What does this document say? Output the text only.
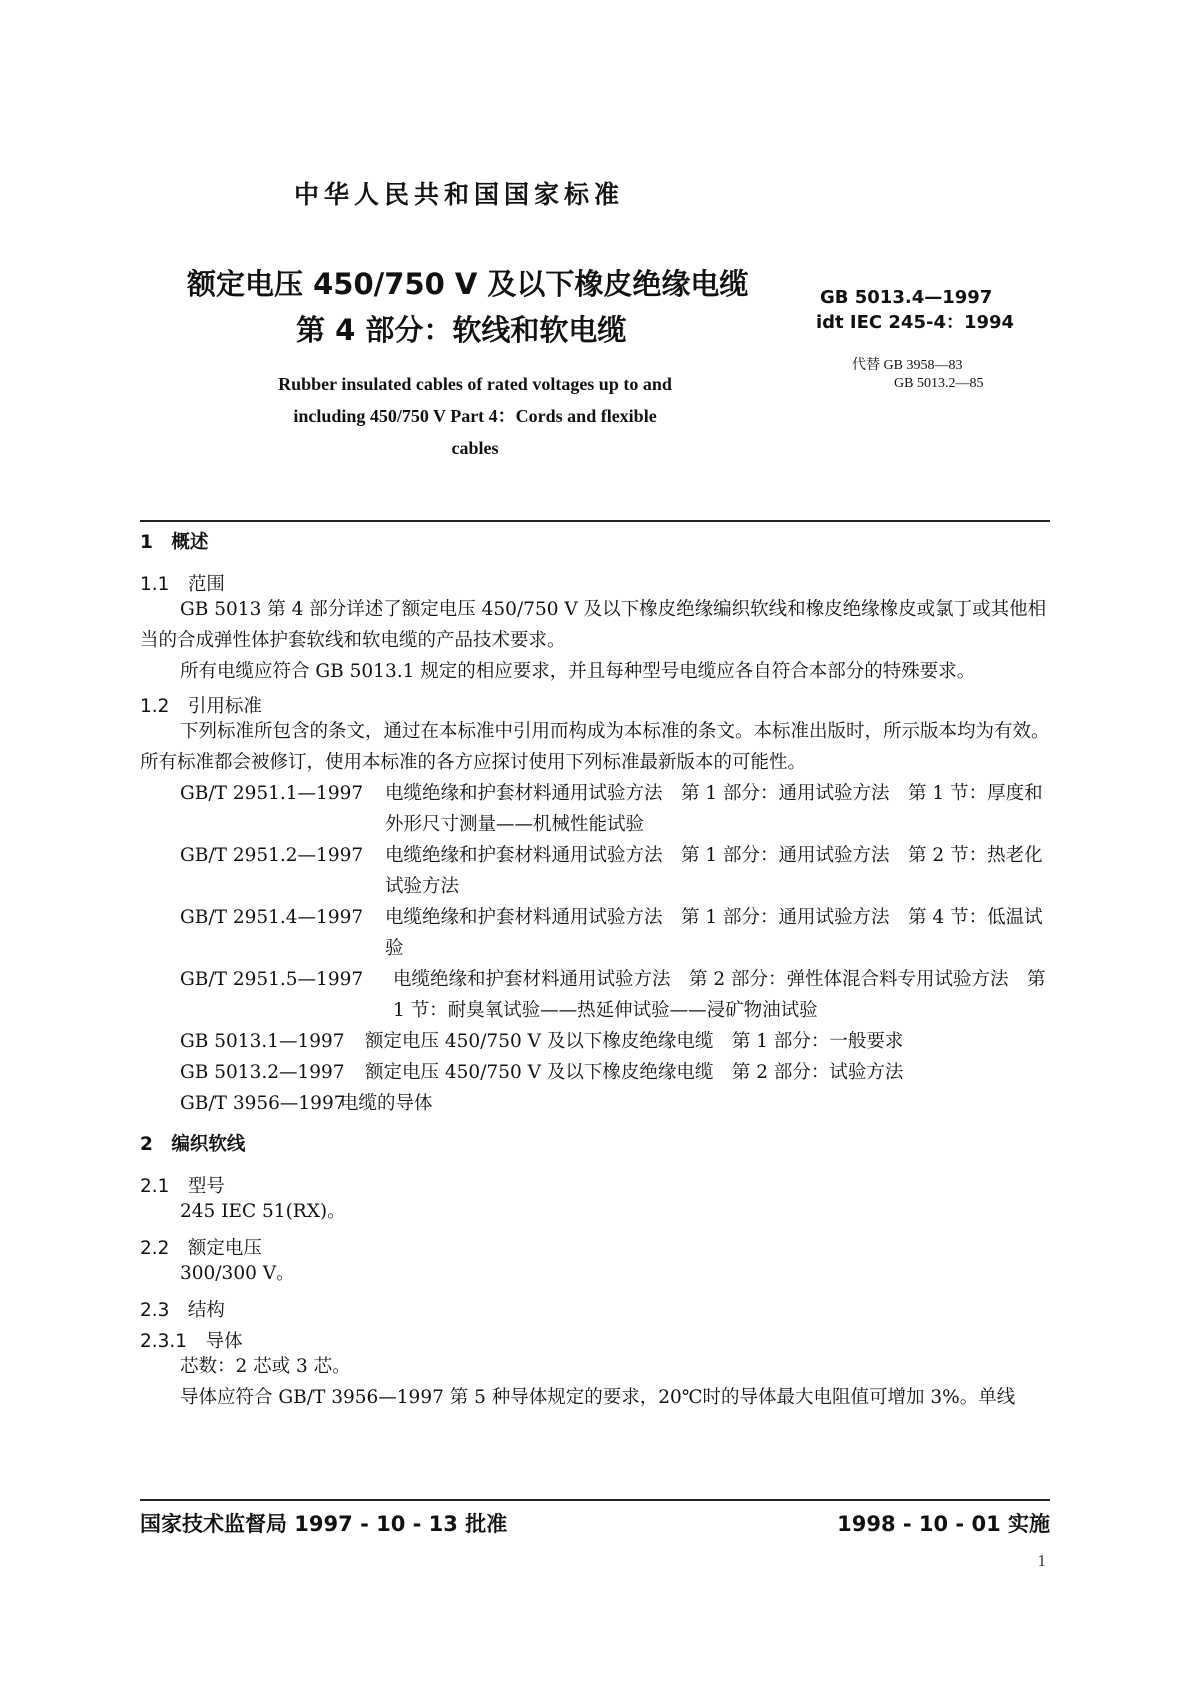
中华人民共和国国家标准
额定电压 450/750 V 及以下橡皮绝缘电缆
第 4 部分：软线和软电缆
Rubber insulated cables of rated voltages up to and including 450/750 V Part 4：Cords and flexible cables
GB 5013.4—1997
idt IEC 245-4：1994
代替 GB 3958—83
GB 5013.2—85
1　概述
1.1　范围
GB 5013 第 4 部分详述了额定电压 450/750 V 及以下橡皮绝缘编织软线和橡皮绝缘橡皮或氯丁或其他相当的合成弹性体护套软线和软电缆的产品技术要求。
所有电缆应符合 GB 5013.1 规定的相应要求，并且每种型号电缆应各自符合本部分的特殊要求。
1.2　引用标准
下列标准所包含的条文，通过在本标准中引用而构成为本标准的条文。本标准出版时，所示版本均为有效。所有标准都会被修订，使用本标准的各方应探讨使用下列标准最新版本的可能性。
GB/T 2951.1—1997 电缆绝缘和护套材料通用试验方法　第 1 部分：通用试验方法　第 1 节：厚度和外形尺寸测量——机械性能试验
GB/T 2951.2—1997 电缆绝缘和护套材料通用试验方法　第 1 部分：通用试验方法　第 2 节：热老化试验方法
GB/T 2951.4—1997 电缆绝缘和护套材料通用试验方法　第 1 部分：通用试验方法　第 4 节：低温试验
GB/T 2951.5—1997 电缆绝缘和护套材料通用试验方法　第 2 部分：弹性体混合料专用试验方法　第 1 节：耐臭氧试验——热延伸试验——浸矿物油试验
GB 5013.1—1997 额定电压 450/750 V 及以下橡皮绝缘电缆　第 1 部分：一般要求
GB 5013.2—1997 额定电压 450/750 V 及以下橡皮绝缘电缆　第 2 部分：试验方法
GB/T 3956—1997
电缆的导体
2　编织软线
2.1　型号
245 IEC 51(RX)。
2.2　额定电压
300/300 V。
2.3　结构
2.3.1　导体
芯数：2 芯或 3 芯。
导体应符合 GB/T 3956—1997 第 5 种导体规定的要求，20℃时的导体最大电阻值可增加 3%。单线
国家技术监督局 1997 - 10 - 13 批准	1998 - 10 - 01 实施
1
